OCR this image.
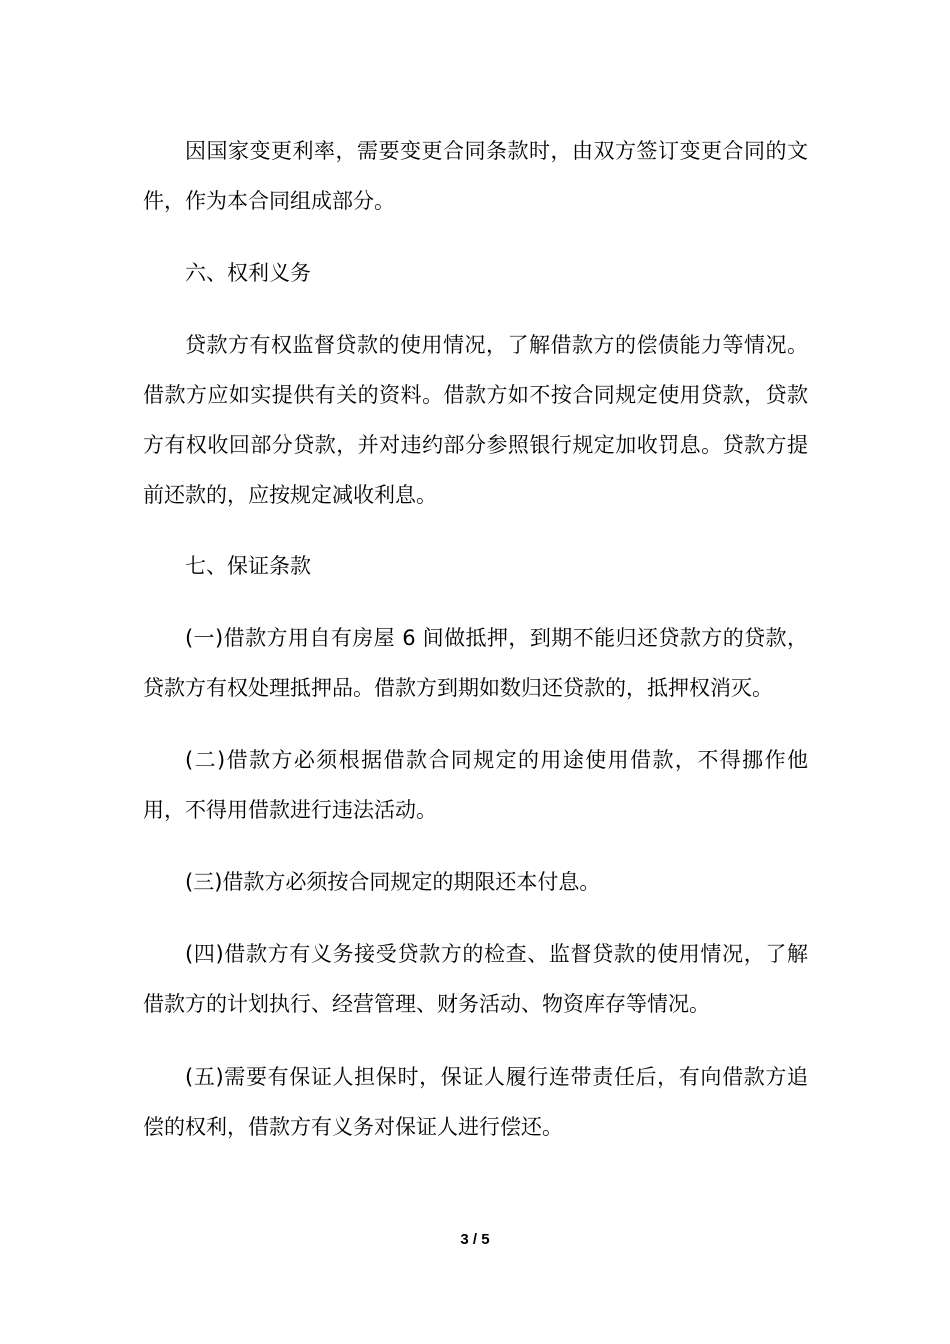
因国家变更利率，需要变更合同条款时，由双方签订变更合同的文件，作为本合同组成部分。

六、权利义务

贷款方有权监督贷款的使用情况，了解借款方的偿债能力等情况。借款方应如实提供有关的资料。借款方如不按合同规定使用贷款，贷款方有权收回部分贷款，并对违约部分参照银行规定加收罚息。贷款方提前还款的，应按规定减收利息。

七、保证条款

(一)借款方用自有房屋 6 间做抵押，到期不能归还贷款方的贷款，贷款方有权处理抵押品。借款方到期如数归还贷款的，抵押权消灭。

(二)借款方必须根据借款合同规定的用途使用借款，不得挪作他用，不得用借款进行违法活动。

(三)借款方必须按合同规定的期限还本付息。

(四)借款方有义务接受贷款方的检查、监督贷款的使用情况，了解借款方的计划执行、经营管理、财务活动、物资库存等情况。

(五)需要有保证人担保时，保证人履行连带责任后，有向借款方追偿的权利，借款方有义务对保证人进行偿还。

3 / 5
